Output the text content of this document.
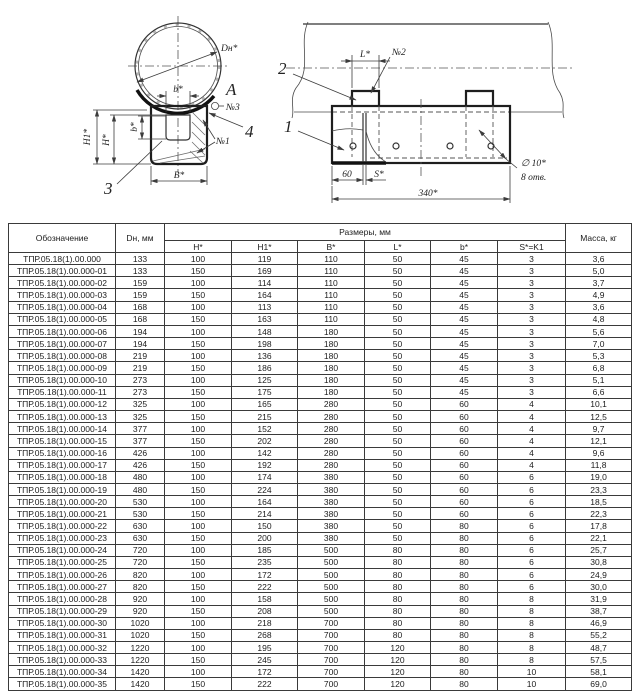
H1* H*
b*
b*
B*
Dн*
3
4
A
№3
№1
∅ 10*
8 отв.
2
1
№2
L*
60 S*
340*
Обозначение	Dн, мм	Размеры, мм						Масса, кг
		H*	H1*	B*	L*	b*	S*=K1	
ТПР.05.18(1).00.000	133	100	119	110	50	45	3	3,6
ТПР.05.18(1).00.000-01	133	150	169	110	50	45	3	5,0
ТПР.05.18(1).00.000-02	159	100	114	110	50	45	3	3,7
ТПР.05.18(1).00.000-03	159	150	164	110	50	45	3	4,9
ТПР.05.18(1).00.000-04	168	100	113	110	50	45	3	3,6
ТПР.05.18(1).00.000-05	168	150	163	110	50	45	3	4,8
ТПР.05.18(1).00.000-06	194	100	148	180	50	45	3	5,6
ТПР.05.18(1).00.000-07	194	150	198	180	50	45	3	7,0
ТПР.05.18(1).00.000-08	219	100	136	180	50	45	3	5,3
ТПР.05.18(1).00.000-09	219	150	186	180	50	45	3	6,8
ТПР.05.18(1).00.000-10	273	100	125	180	50	45	3	5,1
ТПР.05.18(1).00.000-11	273	150	175	180	50	45	3	6,6
ТПР.05.18(1).00.000-12	325	100	165	280	50	60	4	10,1
ТПР.05.18(1).00.000-13	325	150	215	280	50	60	4	12,5
ТПР.05.18(1).00.000-14	377	100	152	280	50	60	4	9,7
ТПР.05.18(1).00.000-15	377	150	202	280	50	60	4	12,1
ТПР.05.18(1).00.000-16	426	100	142	280	50	60	4	9,6
ТПР.05.18(1).00.000-17	426	150	192	280	50	60	4	11,8
ТПР.05.18(1).00.000-18	480	100	174	380	50	60	6	19,0
ТПР.05.18(1).00.000-19	480	150	224	380	50	60	6	23,3
ТПР.05.18(1).00.000-20	530	100	164	380	50	60	6	18,5
ТПР.05.18(1).00.000-21	530	150	214	380	50	60	6	22,3
ТПР.05.18(1).00.000-22	630	100	150	380	50	80	6	17,8
ТПР.05.18(1).00.000-23	630	150	200	380	50	80	6	22,1
ТПР.05.18(1).00.000-24	720	100	185	500	80	80	6	25,7
ТПР.05.18(1).00.000-25	720	150	235	500	80	80	6	30,8
ТПР.05.18(1).00.000-26	820	100	172	500	80	80	6	24,9
ТПР.05.18(1).00.000-27	820	150	222	500	80	80	6	30,0
ТПР.05.18(1).00.000-28	920	100	158	500	80	80	8	31,9
ТПР.05.18(1).00.000-29	920	150	208	500	80	80	8	38,7
ТПР.05.18(1).00.000-30	1020	100	218	700	80	80	8	46,9
ТПР.05.18(1).00.000-31	1020	150	268	700	80	80	8	55,2
ТПР.05.18(1).00.000-32	1220	100	195	700	120	80	8	48,7
ТПР.05.18(1).00.000-33	1220	150	245	700	120	80	8	57,5
ТПР.05.18(1).00.000-34	1420	100	172	700	120	80	10	58,1
ТПР.05.18(1).00.000-35	1420	150	222	700	120	80	10	69,0
